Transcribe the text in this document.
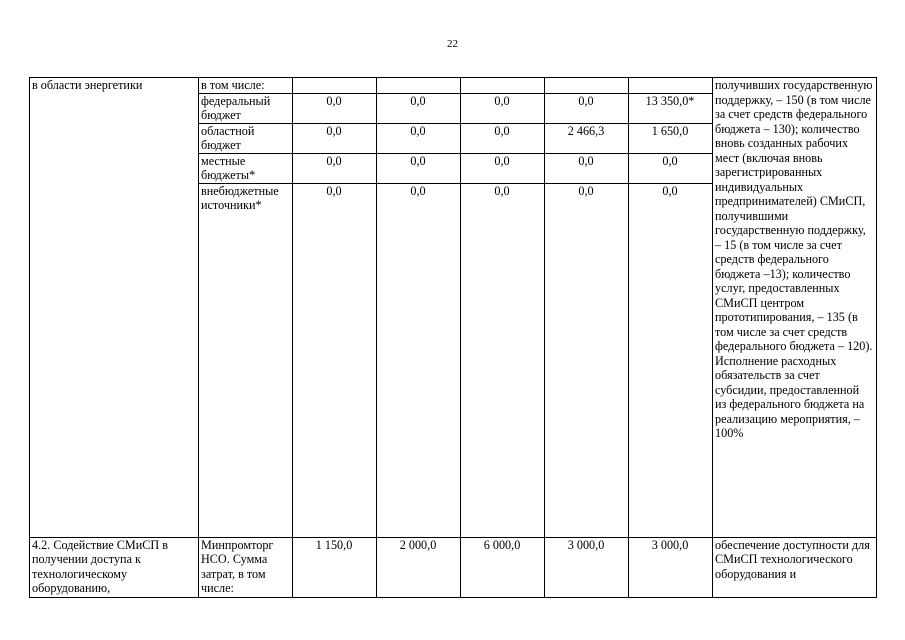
22
в области энергетики	в том числе:						получивших государственную поддержку, – 150 (в том числе за счет средств федерального бюджета – 130); количество вновь созданных рабочих мест (включая вновь зарегистрированных индивидуальных предпринимателей) СМиСП, получившими государственную поддержку, – 15 (в том числе за счет средств федерального бюджета –13); количество услуг, предоставленных СМиСП центром прототипирования, – 135 (в том числе за счет средств федерального бюджета – 120). Исполнение расходных обязательств за счет субсидии, предоставленной из федерального бюджета на реализацию мероприятия, – 100%
	федеральный бюджет	0,0	0,0	0,0	0,0	13 350,0*	
	областной бюджет	0,0	0,0	0,0	2 466,3	1 650,0	
	местные бюджеты*	0,0	0,0	0,0	0,0	0,0	
	внебюджетные источники*	0,0	0,0	0,0	0,0	0,0	
4.2. Содействие СМиСП в получении доступа к технологическому оборудованию,	Минпромторг НСО. Сумма затрат, в том числе:	1 150,0	2 000,0	6 000,0	3 000,0	3 000,0	обеспечение доступности для СМиСП технологического оборудования и
